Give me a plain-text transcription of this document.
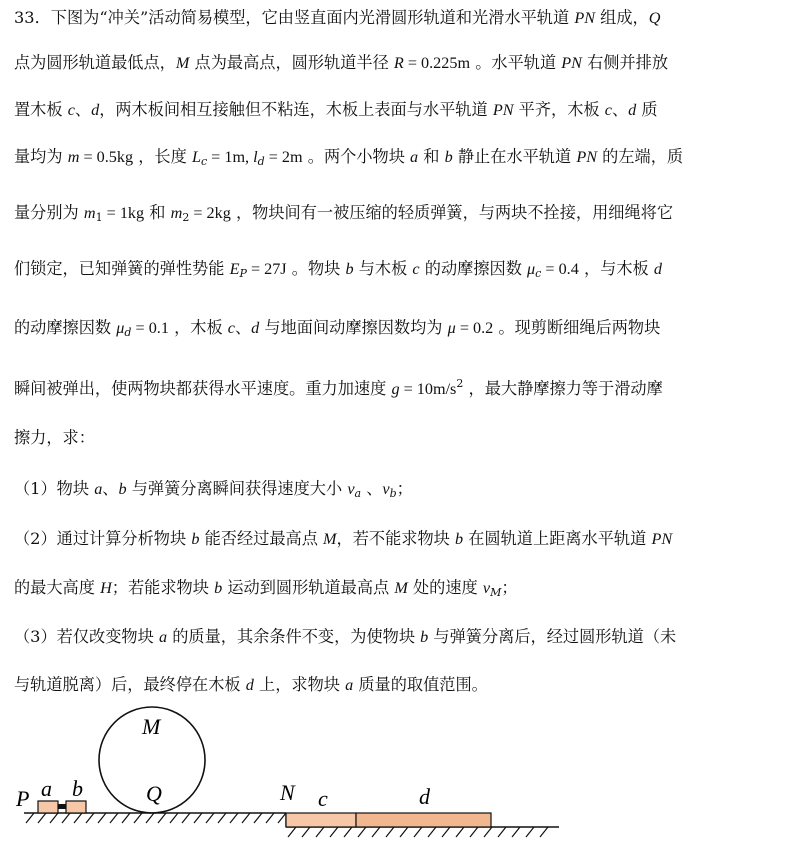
33．下图为“冲关”活动简易模型，它由竖直面内光滑圆形轨道和光滑水平轨道 PN 组成，Q
点为圆形轨道最低点，M 点为最高点，圆形轨道半径 R = 0.225m 。水平轨道 PN 右侧并排放
置木板 c、d，两木板间相互接触但不粘连，木板上表面与水平轨道 PN 平齐，木板 c、d 质
量均为 m = 0.5kg ，长度 $L_c = 1m$, $l_d = 2m$ 。两个小物块 a 和 b 静止在水平轨道 PN 的左端，质
量分别为 $m_1 = 1kg$ 和 $m_2 = 2kg$ ，物块间有一被压缩的轻质弹簧，与两块不拴接，用细绳将它
们锁定，已知弹簧的弹性势能 $E_P = 27J$ 。物块 b 与木板 c 的动摩擦因数 $\mu_c = 0.4$ ，与木板 d
的动摩擦因数 $\mu_d = 0.1$ ，木板 c、d 与地面间动摩擦因数均为 μ = 0.2 。现剪断细绳后两物块
瞬间被弹出，使两物块都获得水平速度。重力加速度 $g = 10m/s^2$ ，最大静摩擦力等于滑动摩
擦力，求：
（1）物块 a、b 与弹簧分离瞬间获得速度大小 $v_a$ 、$v_b$；
（2）通过计算分析物块 b 能否经过最高点 M，若不能求物块 b 在圆轨道上距离水平轨道 PN
的最大高度 H；若能求物块 b 运动到圆形轨道最高点 M 处的速度 $v_M$；
（3）若仅改变物块 a 的质量，其余条件不变，为使物块 b 与弹簧分离后，经过圆形轨道（未
与轨道脱离）后，最终停在木板 d 上，求物块 a 质量的取值范围。
M
Q
P a b	N c	d
